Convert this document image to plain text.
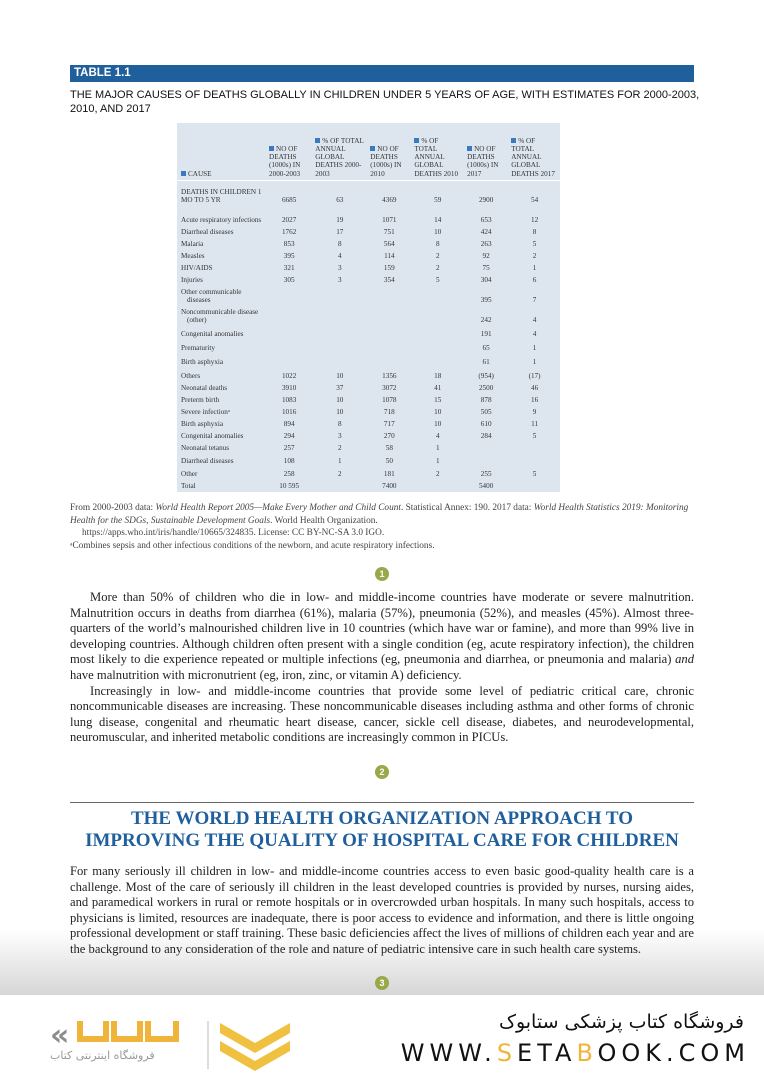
TABLE 1.1
THE MAJOR CAUSES OF DEATHS GLOBALLY IN CHILDREN UNDER 5 YEARS OF AGE, WITH ESTIMATES FOR 2000-2003, 2010, AND 2017
CAUSE	NO OF DEATHS (1000s) IN 2000-2003	% OF TOTAL ANNUAL GLOBAL DEATHS 2000-2003	NO OF DEATHS (1000s) IN 2010	% OF TOTAL ANNUAL GLOBAL DEATHS 2010	NO OF DEATHS (1000s) IN 2017	% OF TOTAL ANNUAL GLOBAL DEATHS 2017
DEATHS IN CHILDREN 1 MO TO 5 YR	6685	63	4369	59	2900	54
Acute respiratory infections	2027	19	1071	14	653	12
Diarrheal diseases	1762	17	751	10	424	8
Malaria	853	8	564	8	263	5
Measles	395	4	114	2	92	2
HIV/AIDS	321	3	159	2	75	1
Injuries	305	3	354	5	304	6
Other communicable diseases					395	7
Noncommunicable disease (other)					242	4
Congenital anomalies					191	4
Prematurity					65	1
Birth asphyxia					61	1
Others	1022	10	1356	18	(954)	(17)
Neonatal deaths	3910	37	3072	41	2500	46
Preterm birth	1083	10	1078	15	878	16
Severe infectionᵃ	1016	10	718	10	505	9
Birth asphyxia	894	8	717	10	610	11
Congenital anomalies	294	3	270	4	284	5
Neonatal tetanus	257	2	58	1		
Diarrheal diseases	108	1	50	1		
Other	258	2	181	2	255	5
Total	10 595		7400		5400	
From 2000-2003 data: World Health Report 2005—Make Every Mother and Child Count. Statistical Annex: 190. 2017 data: World Health Statistics 2019: Monitoring Health for the SDGs, Sustainable Development Goals. World Health Organization.
https://apps.who.int/iris/handle/10665/324835. License: CC BY-NC-SA 3.0 IGO.
ᵃCombines sepsis and other infectious conditions of the newborn, and acute respiratory infections.
1

More than 50% of children who die in low- and middle-income countries have moderate or severe malnutrition. Malnutrition occurs in deaths from diarrhea (61%), malaria (57%), pneumonia (52%), and measles (45%). Almost three-quarters of the world’s malnourished children live in 10 countries (which have war or famine), and more than 99% live in developing countries. Although children often present with a single condition (eg, acute respiratory infection), the children most likely to die experience repeated or multiple infections (eg, pneumonia and diarrhea, or pneumonia and malaria) and have malnutrition with micronutrient (eg, iron, zinc, or vitamin A) deficiency.

Increasingly in low- and middle-income countries that provide some level of pediatric critical care, chronic noncommunicable diseases are increasing. These noncommunicable diseases including asthma and other forms of chronic lung disease, congenital and rheumatic heart disease, cancer, sickle cell disease, diabetes, and neurodevelopmental, neuromuscular, and inherited metabolic conditions are increasingly common in PICUs.

2
THE WORLD HEALTH ORGANIZATION APPROACH TO
IMPROVING THE QUALITY OF HOSPITAL CARE FOR CHILDREN

For many seriously ill children in low- and middle-income countries access to even basic good-quality health care is a challenge. Most of the care of seriously ill children in the least developed countries is provided by nurses, nursing aides, and paramedical workers in rural or remote hospitals or in overcrowded urban hospitals. In many such hospitals, access to physicians is limited, resources are inadequate, there is poor access to evidence and information, and there is little ongoing professional development or staff training. These basic deficiencies affect the lives of millions of children each year and are the background to any consideration of the role and nature of pediatric intensive care in such health care systems.

3
«
فروشگاه اینترنتی کتاب
فروشگاه کتاب پزشکی ستابوک
WWW.SETABOOK.COM
